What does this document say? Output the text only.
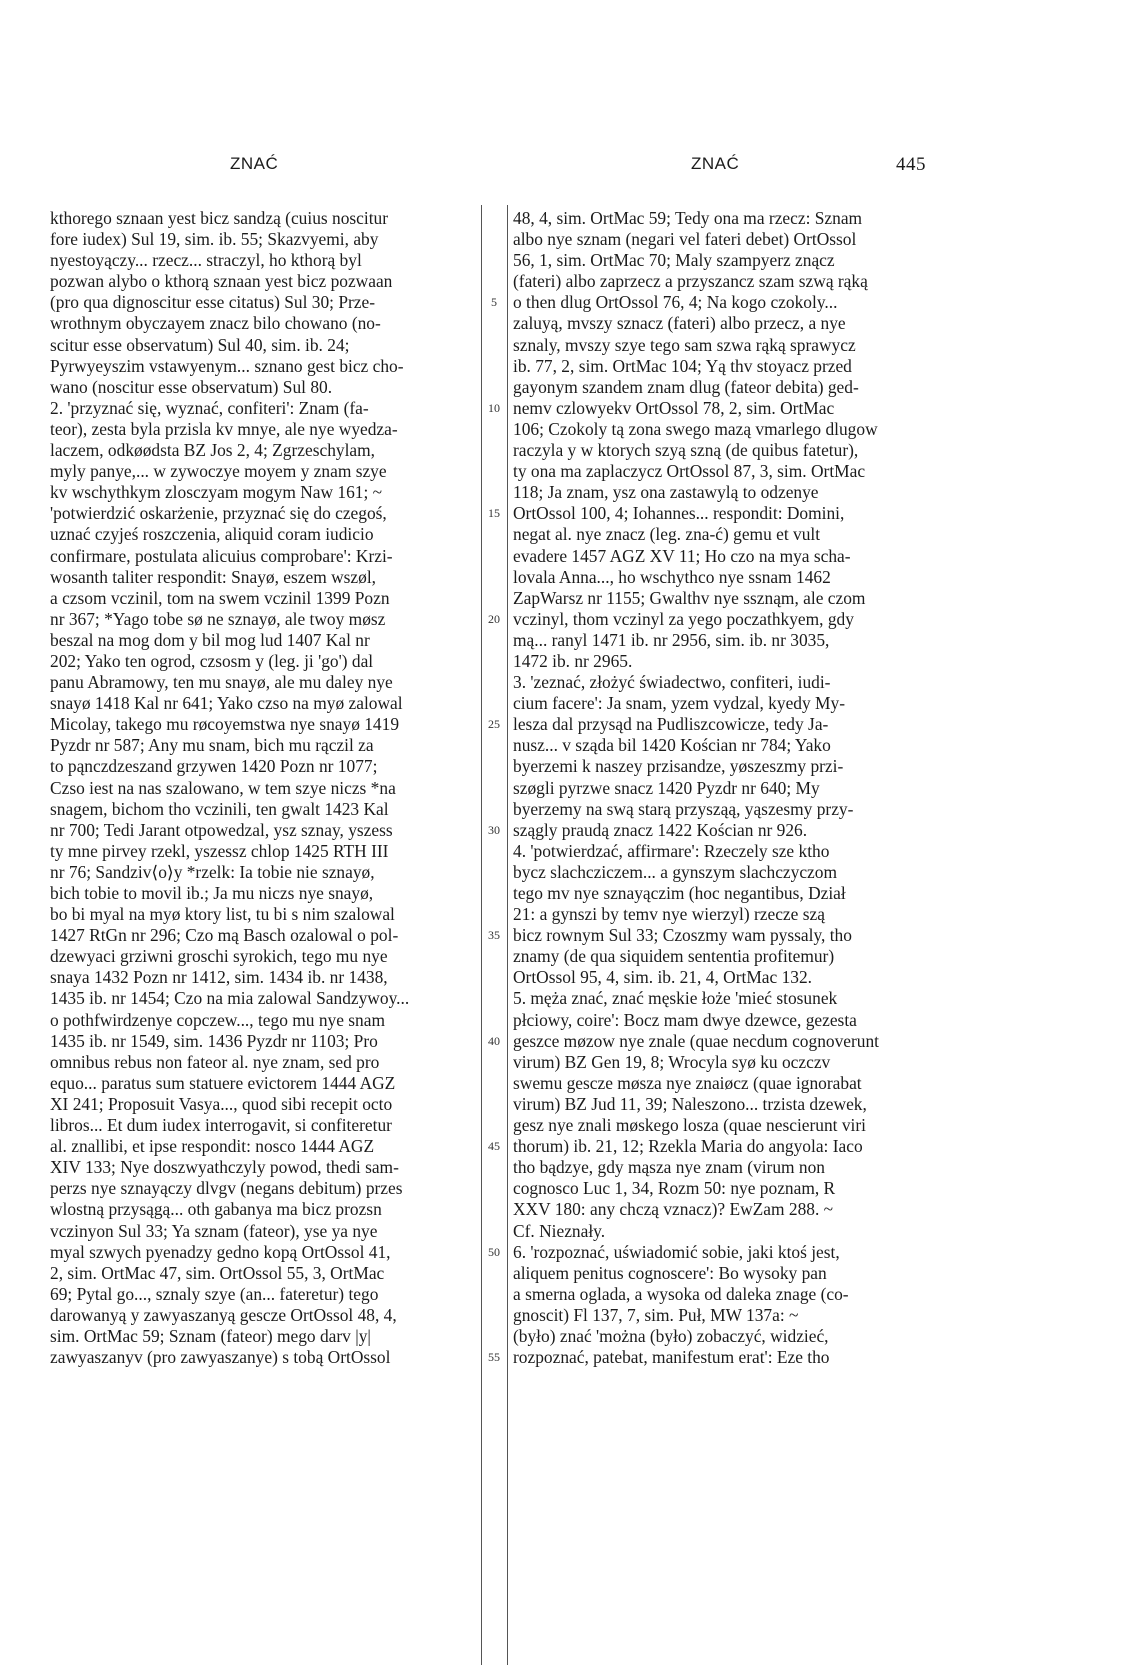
ZNAĆ	ZNAĆ	445
kthorego sznaan yest bicz sandzą (cuius noscitur
fore iudex) Sul 19, sim. ib. 55; Skazvyemi, aby
nyestoyączy... rzecz... straczyl, ho kthorą byl
pozwan alybo o kthorą sznaan yest bicz pozwaan
(pro qua dignoscitur esse citatus) Sul 30; Prze-
wrothnym obyczayem znacz bilo chowano (no-
scitur esse observatum) Sul 40, sim. ib. 24;
Pyrwyeyszim vstawyenym... sznano gest bicz cho-
wano (noscitur esse observatum) Sul 80.
2. 'przyznać się, wyznać, confiteri': Znam (fa-
teor), zesta byla przisla kv mnye, ale nye wyedza-
laczem, odkøødsta BZ Jos 2, 4; Zgrzeschylam,
myly panye,... w zywoczye moyem y znam szye
kv wschythkym zlosczyam mogym Naw 161; ~
'potwierdzić oskarżenie, przyznać się do czegoś,
uznać czyjeś roszczenia, aliquid coram iudicio
confirmare, postulata alicuius comprobare': Krzi-
wosanth taliter respondit: Snayø, eszem wszøl,
a czsom vczinil, tom na swem vczinil 1399 Pozn
nr 367; *Yago tobe sø ne sznayø, ale twoy møsz
beszal na mog dom y bil mog lud 1407 Kal nr
202; Yako ten ogrod, czsosm y (leg. ji 'go') dal
panu Abramowy, ten mu snayø, ale mu daley nye
snayø 1418 Kal nr 641; Yako czso na myø zalowal
Micolay, takego mu røcoyemstwa nye snayø 1419
Pyzdr nr 587; Any mu snam, bich mu rączil za
to pąnczdzeszand grzywen 1420 Pozn nr 1077;
Czso iest na nas szalowano, w tem szye niczs *na
snagem, bichom tho vczinili, ten gwalt 1423 Kal
nr 700; Tedi Jarant otpowedzal, ysz sznay, yszess
ty mne pirvey rzekl, yszessz chlop 1425 RTH III
nr 76; Sandziv⟨o⟩y *rzelk: Ia tobie nie sznayø,
bich tobie to movil ib.; Ja mu niczs nye snayø,
bo bi myal na myø ktory list, tu bi s nim szalowal
1427 RtGn nr 296; Czo mą Basch ozalowal o pol-
dzewyaci grziwni groschi syrokich, tego mu nye
snaya 1432 Pozn nr 1412, sim. 1434 ib. nr 1438,
1435 ib. nr 1454; Czo na mia zalowal Sandzywoy...
o pothfwirdzenye copczew..., tego mu nye snam
1435 ib. nr 1549, sim. 1436 Pyzdr nr 1103; Pro
omnibus rebus non fateor al. nye znam, sed pro
equo... paratus sum statuere evictorem 1444 AGZ
XI 241; Proposuit Vasya..., quod sibi recepit octo
libros... Et dum iudex interrogavit, si confiteretur
al. znallibi, et ipse respondit: nosco 1444 AGZ
XIV 133; Nye doszwyathczyly powod, thedi sam-
perzs nye sznayączy dlvgv (negans debitum) przes
wlostną przysągą... oth gabanya ma bicz prozsn
vczinyon Sul 33; Ya sznam (fateor), yse ya nye
myal szwych pyenadzy gedno kopą OrtOssol 41,
2, sim. OrtMac 47, sim. OrtOssol 55, 3, OrtMac
69; Pytal go..., sznaly szye (an... fateretur) tego
darowanyą y zawyaszanyą gescze OrtOssol 48, 4,
sim. OrtMac 59; Sznam (fateor) mego darv |y|
zawyaszanyv (pro zawyaszanye) s tobą OrtOssol
5
10
15
20
25
30
35
40
45
50
55
48, 4, sim. OrtMac 59; Tedy ona ma rzecz: Sznam
albo nye sznam (negari vel fateri debet) OrtOssol
56, 1, sim. OrtMac 70; Maly szampyerz znącz
(fateri) albo zaprzecz a przyszancz szam szwą rąką
o then dlug OrtOssol 76, 4; Na kogo czokoly...
zaluyą, mvszy sznacz (fateri) albo przecz, a nye
sznaly, mvszy szye tego sam szwa rąką sprawycz
ib. 77, 2, sim. OrtMac 104; Yą thv stoyacz przed
gayonym szandem znam dlug (fateor debita) ged-
nemv czlowyekv OrtOssol 78, 2, sim. OrtMac
106; Czokoly tą zona swego mazą vmarlego dlugow
raczyla y w ktorych szyą szną (de quibus fatetur),
ty ona ma zaplaczycz OrtOssol 87, 3, sim. OrtMac
118; Ja znam, ysz ona zastawylą to odzenye
OrtOssol 100, 4; Iohannes... respondit: Domini,
negat al. nye znacz (leg. zna-ć) gemu et vult
evadere 1457 AGZ XV 11; Ho czo na mya scha-
lovala Anna..., ho wschythco nye ssnam 1462
ZapWarsz nr 1155; Gwalthv nye ssznąm, ale czom
vczinyl, thom vczinyl za yego poczathkyem, gdy
mą... ranyl 1471 ib. nr 2956, sim. ib. nr 3035,
1472 ib. nr 2965.
3. 'zeznać, złożyć świadectwo, confiteri, iudi-
cium facere': Ja snam, yzem vydzal, kyedy My-
lesza dal przysąd na Pudliszcowicze, tedy Ja-
nusz... v sząda bil 1420 Kościan nr 784; Yako
byerzemi k naszey przisandze, yøszeszmy przi-
szøgli pyrzwe snacz 1420 Pyzdr nr 640; My
byerzemy na swą starą przysząą, yąszesmy przy-
szągly praudą znacz 1422 Kościan nr 926.
4. 'potwierdzać, affirmare': Rzeczely sze ktho
bycz slachcziczem... a gynszym slachczyczom
tego mv nye sznayączim (hoc negantibus, Dział
21: a gynszi by temv nye wierzyl) rzecze szą
bicz rownym Sul 33; Czoszmy wam pyssaly, tho
znamy (de qua siquidem sententia profitemur)
OrtOssol 95, 4, sim. ib. 21, 4, OrtMac 132.
5. męża znać, znać męskie łoże 'mieć stosunek
płciowy, coire': Bocz mam dwye dzewce, gezesta
geszce møzow nye znale (quae necdum cognoverunt
virum) BZ Gen 19, 8; Wrocyla syø ku oczczv
swemu gescze møsza nye znaiøcz (quae ignorabat
virum) BZ Jud 11, 39; Naleszono... trzista dzewek,
gesz nye znali møskego losza (quae nescierunt viri
thorum) ib. 21, 12; Rzekla Maria do angyola: Iaco
tho bądzye, gdy mąsza nye znam (virum non
cognosco Luc 1, 34, Rozm 50: nye poznam, R
XXV 180: any chczą vznacz)? EwZam 288. ~
Cf. Nieznały.
6. 'rozpoznać, uświadomić sobie, jaki ktoś jest,
aliquem penitus cognoscere': Bo wysoky pan
a smerna oglada, a wysoka od daleka znage (co-
gnoscit) Fl 137, 7, sim. Puł, MW 137a: ~
(było) znać 'można (było) zobaczyć, widzieć,
rozpoznać, patebat, manifestum erat': Eze tho
